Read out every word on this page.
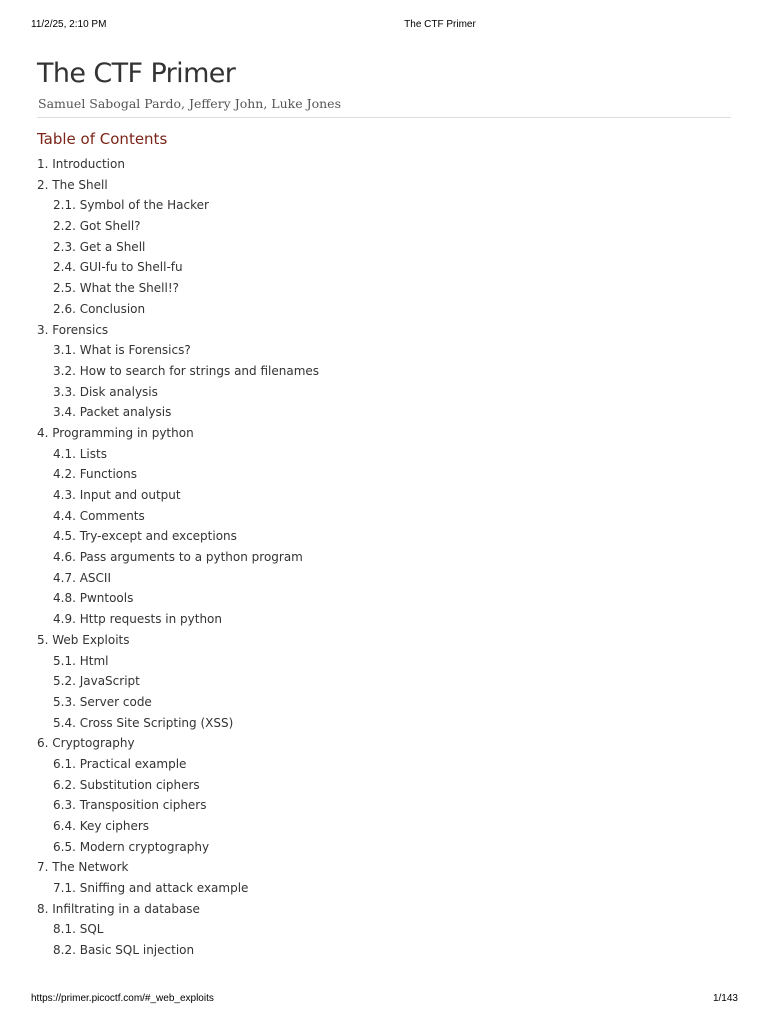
11/2/25, 2:10 PM	The CTF Primer
The CTF Primer
Samuel Sabogal Pardo, Jeffery John, Luke Jones
Table of Contents
1. Introduction
2. The Shell
2.1. Symbol of the Hacker
2.2. Got Shell?
2.3. Get a Shell
2.4. GUI-fu to Shell-fu
2.5. What the Shell!?
2.6. Conclusion
3. Forensics
3.1. What is Forensics?
3.2. How to search for strings and filenames
3.3. Disk analysis
3.4. Packet analysis
4. Programming in python
4.1. Lists
4.2. Functions
4.3. Input and output
4.4. Comments
4.5. Try-except and exceptions
4.6. Pass arguments to a python program
4.7. ASCII
4.8. Pwntools
4.9. Http requests in python
5. Web Exploits
5.1. Html
5.2. JavaScript
5.3. Server code
5.4. Cross Site Scripting (XSS)
6. Cryptography
6.1. Practical example
6.2. Substitution ciphers
6.3. Transposition ciphers
6.4. Key ciphers
6.5. Modern cryptography
7. The Network
7.1. Sniffing and attack example
8. Infiltrating in a database
8.1. SQL
8.2. Basic SQL injection
https://primer.picoctf.com/#_web_exploits	1/143
